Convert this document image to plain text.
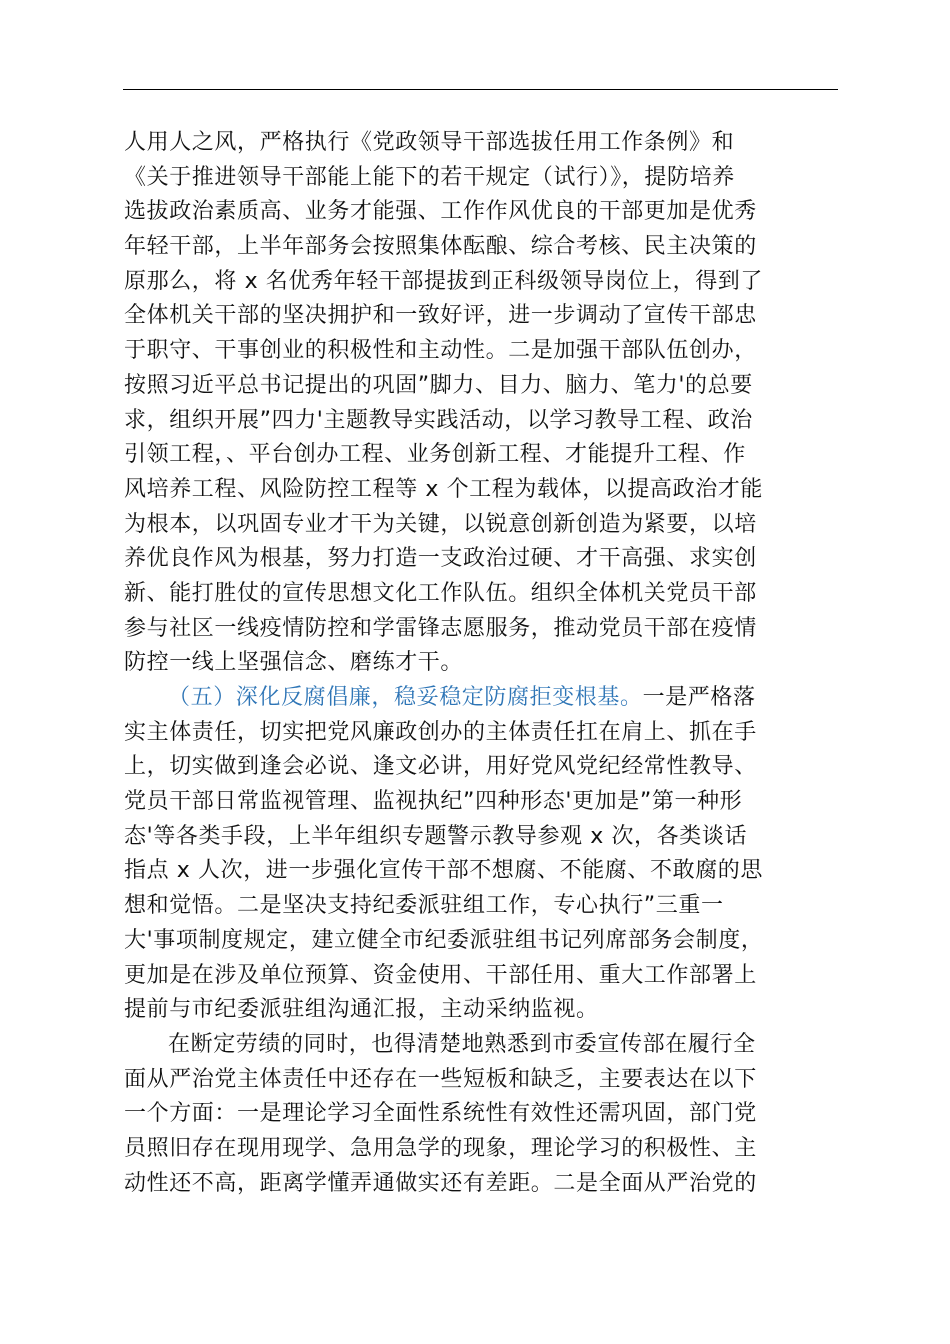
人用人之风，严格执行《党政领导干部选拔任用工作条例》和
《关于推进领导干部能上能下的若干规定（试行）》，提防培养
选拔政治素质高、业务才能强、工作作风优良的干部更加是优秀
年轻干部，上半年部务会按照集体酝酿、综合考核、民主决策的
原那么，将 x 名优秀年轻干部提拔到正科级领导岗位上，得到了
全体机关干部的坚决拥护和一致好评，进一步调动了宣传干部忠
于职守、干事创业的积极性和主动性。二是加强干部队伍创办，
按照习近平总书记提出的巩固”脚力、目力、脑力、笔力'的总要
求，组织开展”四力'主题教导实践活动，以学习教导工程、政治
引领工程，、平台创办工程、业务创新工程、才能提升工程、作
风培养工程、风险防控工程等 x 个工程为载体，以提高政治才能
为根本，以巩固专业才干为关键，以锐意创新创造为紧要，以培
养优良作风为根基，努力打造一支政治过硬、才干高强、求实创
新、能打胜仗的宣传思想文化工作队伍。组织全体机关党员干部
参与社区一线疫情防控和学雷锋志愿服务，推动党员干部在疫情
防控一线上坚强信念、磨练才干。
（五）深化反腐倡廉，稳妥稳定防腐拒变根基。一是严格落
实主体责任，切实把党风廉政创办的主体责任扛在肩上、抓在手
上，切实做到逢会必说、逢文必讲，用好党风党纪经常性教导、
党员干部日常监视管理、监视执纪”四种形态'更加是”第一种形
态'等各类手段，上半年组织专题警示教导参观 x 次，各类谈话
指点 x 人次，进一步强化宣传干部不想腐、不能腐、不敢腐的思
想和觉悟。二是坚决支持纪委派驻组工作，专心执行”三重一
大'事项制度规定，建立健全市纪委派驻组书记列席部务会制度，
更加是在涉及单位预算、资金使用、干部任用、重大工作部署上
提前与市纪委派驻组沟通汇报，主动采纳监视。
在断定劳绩的同时，也得清楚地熟悉到市委宣传部在履行全
面从严治党主体责任中还存在一些短板和缺乏，主要表达在以下
一个方面：一是理论学习全面性系统性有效性还需巩固，部门党
员照旧存在现用现学、急用急学的现象，理论学习的积极性、主
动性还不高，距离学懂弄通做实还有差距。二是全面从严治党的
